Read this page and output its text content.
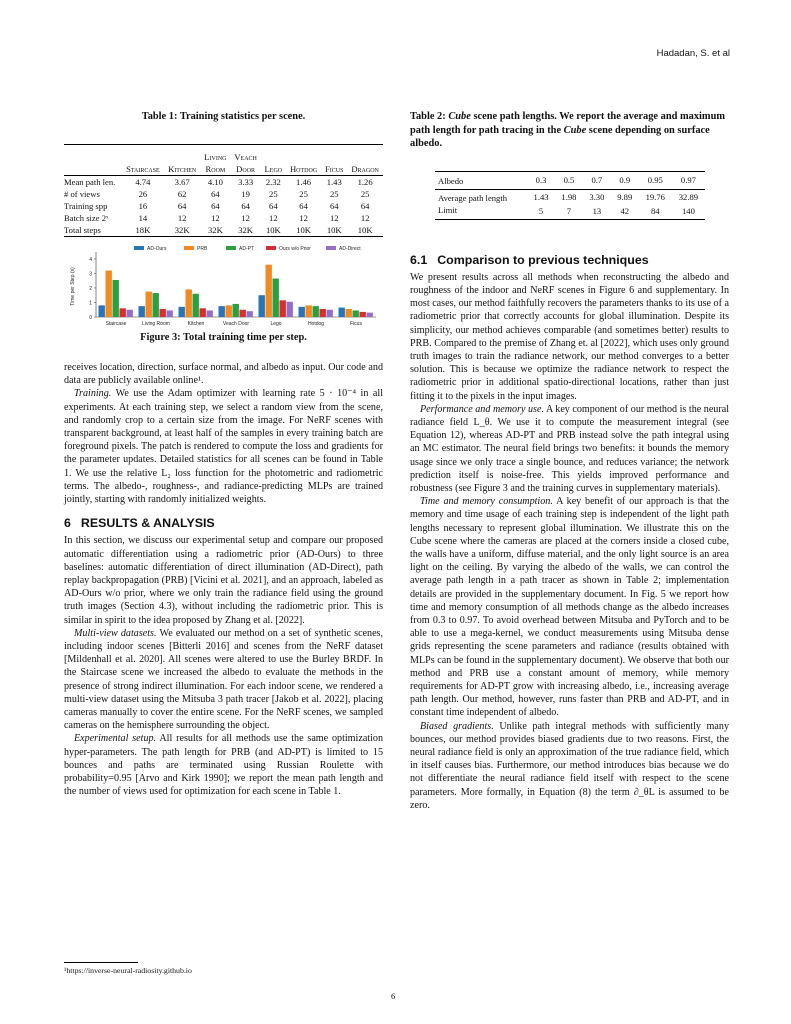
Hadadan, S. et al
Table 1: Training statistics per scene.
			Living	Veach				
	Staircase	Kitchen	Room	Door	Lego	Hotdog	Ficus	Dragon
Mean path len.	4.74	3.67	4.10	3.33	2.32	1.46	1.43	1.26
# of views	26	62	64	19	25	25	25	25
Training spp	16	64	64	64	64	64	64	64
Batch size 2ˣ	14	12	12	12	12	12	12	12
Total steps	18K	32K	32K	32K	10K	10K	10K	10K
0
1
2
3
4
Time per Step (s)
AD-Ours	PRB	AD-PT	Ours w/o Prior	AD-Direct
Staircase	Living Room	Kitchen	Veach Door	Lego	Hotdog	Ficus
Figure 3: Total training time per step.

receives location, direction, surface normal, and albedo as input. Our code and data are publicly available online¹.

Training. We use the Adam optimizer with learning rate 5 · 10⁻⁴ in all experiments. At each training step, we select a random view from the scene, and randomly crop to a certain size from the image. For NeRF scenes with transparent background, at least half of the samples in every training batch are foreground pixels. The patch is rendered to compute the loss and gradients for the parameter updates. Detailed statistics for all scenes can be found in Table 1. We use the relative L₂ loss function for the photometric and radiometric terms. The albedo-, roughness-, and radiance-predicting MLPs are trained jointly, starting with randomly initialized weights.

6 RESULTS & ANALYSIS

In this section, we discuss our experimental setup and compare our proposed automatic differentiation using a radiometric prior (AD-Ours) to three baselines: automatic differentiation of direct illumination (AD-Direct), path replay backpropagation (PRB) [Vicini et al. 2021], and an approach, labeled as AD-Ours w/o prior, where we only train the radiance field using the ground truth images (Section 4.3), without including the radiometric prior. This is similar in spirit to the idea proposed by Zhang et al. [2022].

Multi-view datasets. We evaluated our method on a set of synthetic scenes, including indoor scenes [Bitterli 2016] and scenes from the NeRF dataset [Mildenhall et al. 2020]. All scenes were altered to use the Burley BRDF. In the Staircase scene we increased the albedo to evaluate the methods in the presence of strong indirect illumination. For each indoor scene, we rendered a multi-view dataset using the Mitsuba 3 path tracer [Jakob et al. 2022], placing cameras manually to cover the entire scene. For the NeRF scenes, we sampled cameras on the hemisphere surrounding the object.

Experimental setup. All results for all methods use the same optimization hyper-parameters. The path length for PRB (and AD-PT) is limited to 15 bounces and paths are terminated using Russian Roulette with probability=0.95 [Arvo and Kirk 1990]; we report the mean path length and the number of views used for optimization for each scene in Table 1.

¹https://inverse-neural-radiosity.github.io
Table 2: Cube scene path lengths. We report the average and maximum path length for path tracing in the Cube scene depending on surface albedo.
Albedo	0.3	0.5	0.7	0.9	0.95	0.97
Average path length	1.43	1.98	3.30	9.89	19.76	32.89
Limit	5	7	13	42	84	140
6.1 Comparison to previous techniques

We present results across all methods when reconstructing the albedo and roughness of the indoor and NeRF scenes in Figure 6 and supplementary. In most cases, our method faithfully recovers the parameters thanks to its use of a radiometric prior that correctly accounts for global illumination. Despite its simplicity, our method achieves comparable (and sometimes better) results to PRB. Compared to the premise of Zhang et. al [2022], which uses only ground truth images to train the radiance network, our method converges to a better solution. This is because we optimize the radiance network to respect the radiometric prior in additional spatio-directional locations, rather than just fitting it to the pixels in the input images.

Performance and memory use. A key component of our method is the neural radiance field L_θ. We use it to compute the measurement integral (see Equation 12), whereas AD-PT and PRB instead solve the path integral using an MC estimator. The neural field brings two benefits: it bounds the memory usage since we only trace a single bounce, and reduces variance; the network prediction itself is noise-free. This yields improved performance and robustness (see Figure 3 and the training curves in supplementary materials).

Time and memory consumption. A key benefit of our approach is that the memory and time usage of each training step is independent of the light path lengths necessary to represent global illumination. We illustrate this on the Cube scene where the cameras are placed at the corners inside a closed cube, the walls have a uniform, diffuse material, and the only light source is an area light on the ceiling. By varying the albedo of the walls, we can control the average path length in a path tracer as shown in Table 2; implementation details are provided in the supplementary document. In Fig. 5 we report how time and memory consumption of all methods change as the albedo increases from 0.3 to 0.97. To avoid overhead between Mitsuba and PyTorch and to be able to use a mega-kernel, we conduct measurements using Mitsuba dense grids representing the scene parameters and radiance (results obtained with MLPs can be found in the supplementary document). We observe that both our method and PRB use a constant amount of memory, while memory requirements for AD-PT grow with increasing albedo, i.e., increasing average path length. Our method, however, runs faster than PRB and AD-PT, and in constant time independent of albedo.

Biased gradients. Unlike path integral methods with sufficiently many bounces, our method provides biased gradients due to two reasons. First, the neural radiance field is only an approximation of the true radiance field, which in itself causes bias. Furthermore, our method introduces bias because we do not differentiate the neural radiance field itself with respect to the scene parameters. More formally, in Equation (8) the term ∂_θL is assumed to be zero.

6
